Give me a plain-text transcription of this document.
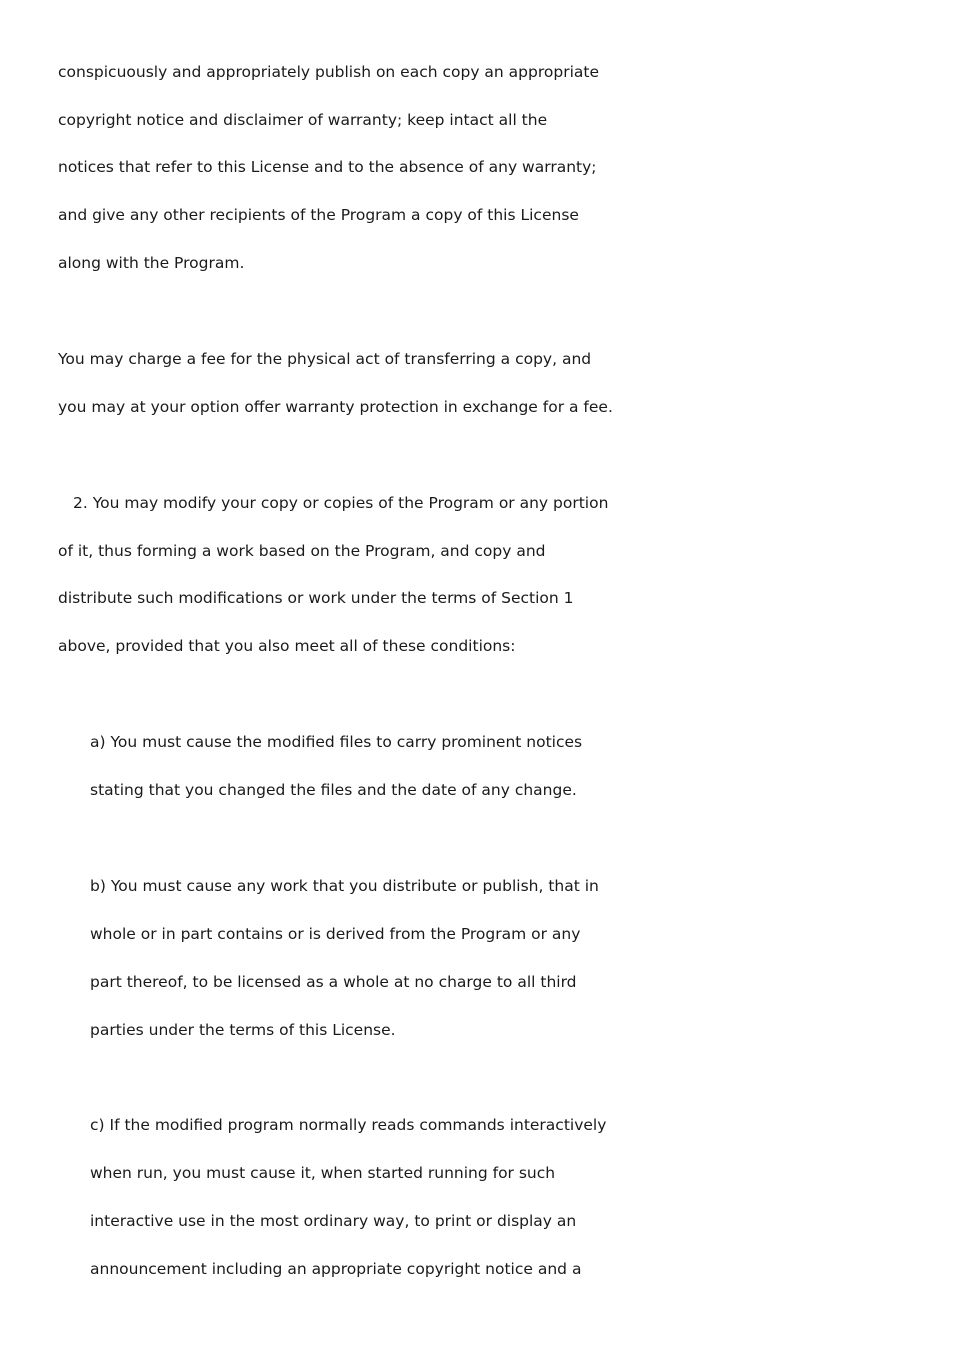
conspicuously and appropriately publish on each copy an appropriate
copyright notice and disclaimer of warranty; keep intact all the
notices that refer to this License and to the absence of any warranty;
and give any other recipients of the Program a copy of this License
along with the Program.
You may charge a fee for the physical act of transferring a copy, and
you may at your option offer warranty protection in exchange for a fee.
2. You may modify your copy or copies of the Program or any portion
of it, thus forming a work based on the Program, and copy and
distribute such modifications or work under the terms of Section 1
above, provided that you also meet all of these conditions:
a) You must cause the modified files to carry prominent notices
stating that you changed the files and the date of any change.
b) You must cause any work that you distribute or publish, that in
whole or in part contains or is derived from the Program or any
part thereof, to be licensed as a whole at no charge to all third
parties under the terms of this License.
c) If the modified program normally reads commands interactively
when run, you must cause it, when started running for such
interactive use in the most ordinary way, to print or display an
announcement including an appropriate copyright notice and a
